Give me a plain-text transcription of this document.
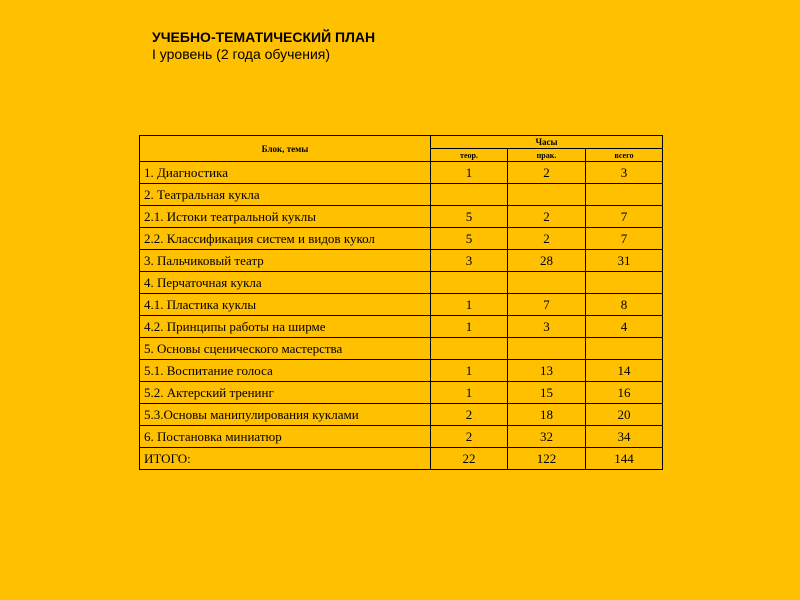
УЧЕБНО-ТЕМАТИЧЕСКИЙ ПЛАН
I уровень (2 года обучения)
Блок, темы	Часы		
	теор.	прак.	всего
1. Диагностика	1	2	3
2. Театральная кукла			
2.1. Истоки театральной куклы	5	2	7
2.2. Классификация систем и видов кукол	5	2	7
3. Пальчиковый театр	3	28	31
4. Перчаточная кукла			
4.1. Пластика куклы	1	7	8
4.2. Принципы работы на ширме	1	3	4
5. Основы сценического мастерства			
5.1. Воспитание голоса	1	13	14
5.2. Актерский тренинг	1	15	16
5.3.Основы манипулирования куклами	2	18	20
6. Постановка миниатюр	2	32	34
ИТОГО:	22	122	144
